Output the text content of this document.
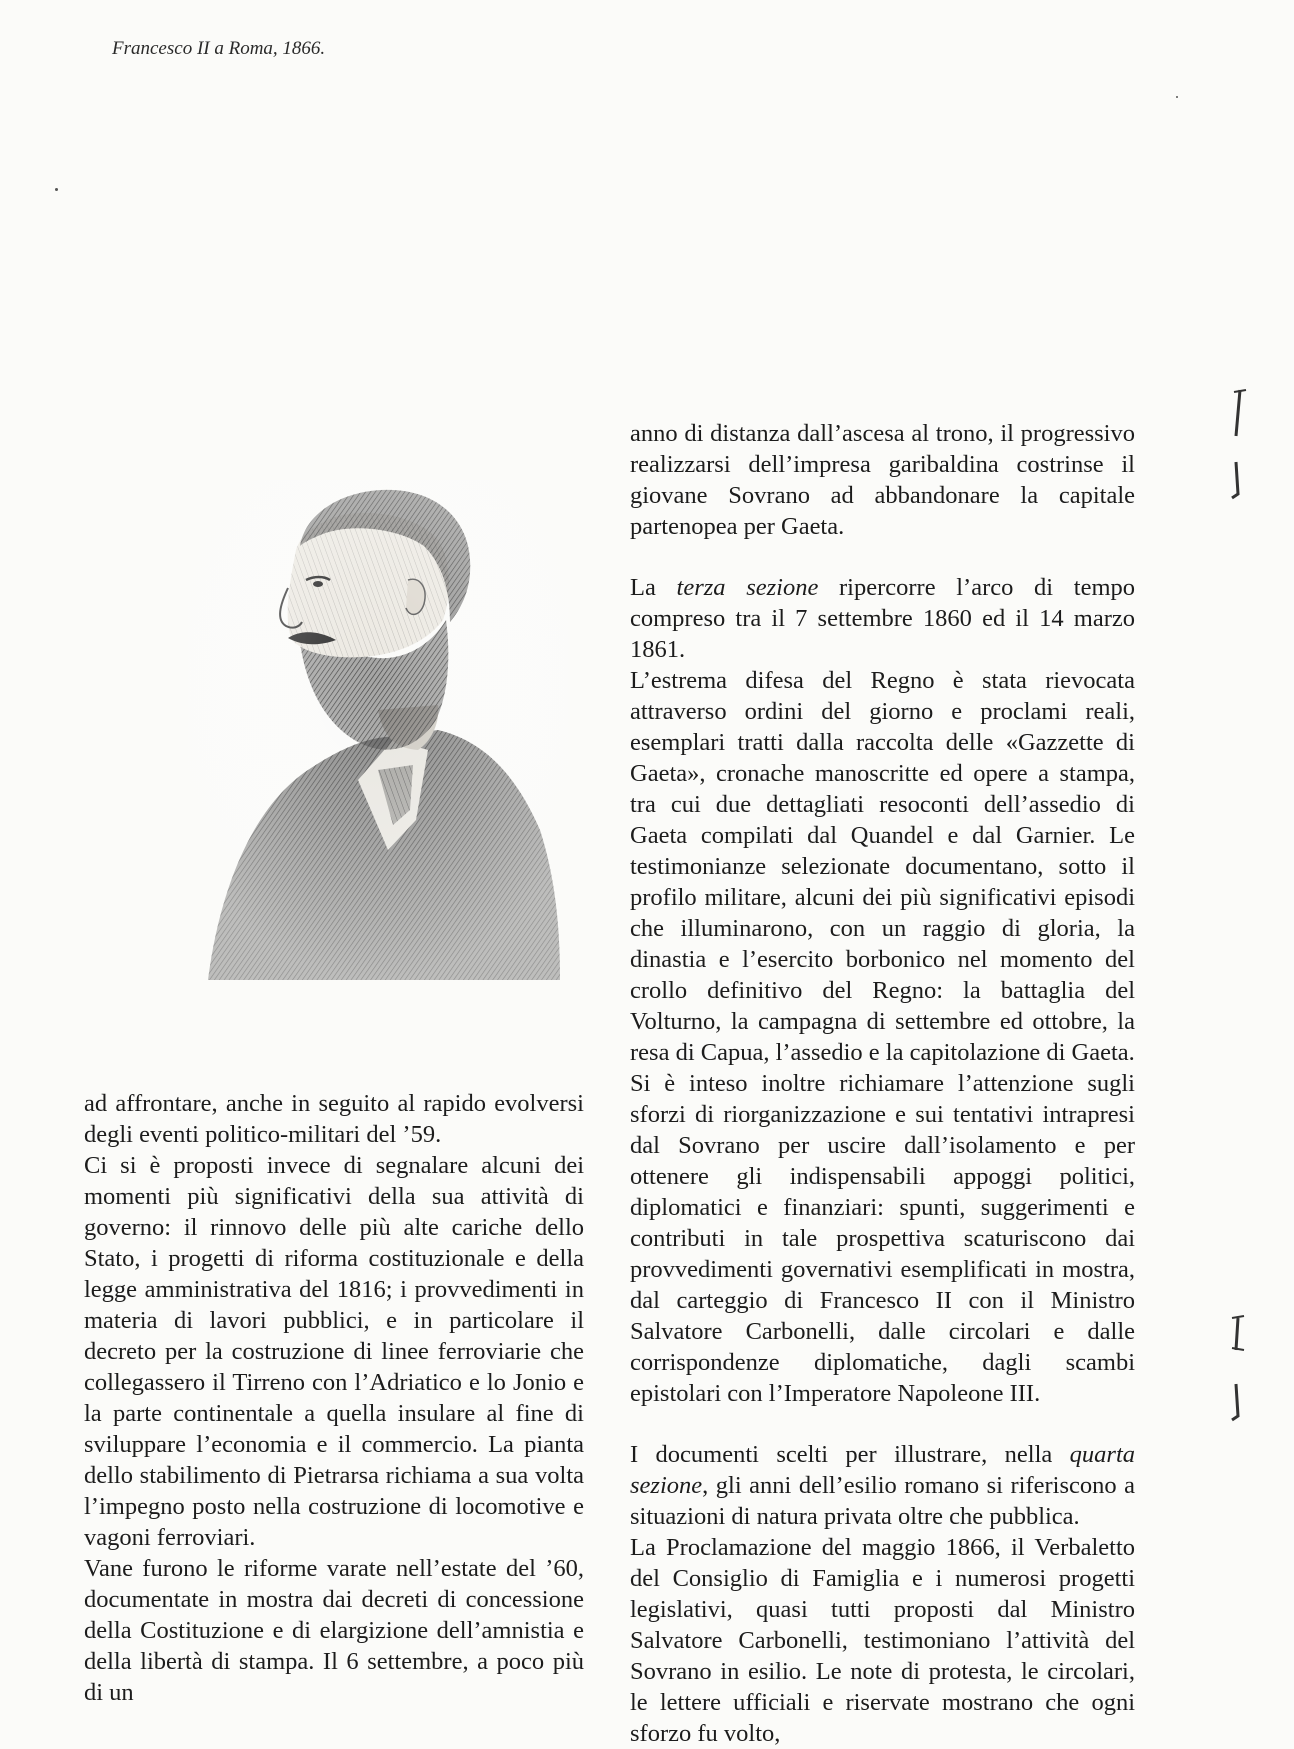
Francesco II a Roma, 1866.

ad affrontare, anche in seguito al rapido evolversi degli eventi politico-militari del ’59.

Ci si è proposti invece di segnalare alcuni dei momenti più significativi della sua attività di governo: il rinnovo delle più alte cariche dello Stato, i progetti di riforma costituzionale e della legge amministrativa del 1816; i provvedimenti in materia di lavori pubblici, e in particolare il decreto per la costruzione di linee ferroviarie che collegassero il Tirreno con l’Adriatico e lo Jonio e la parte continentale a quella insulare al fine di sviluppare l’economia e il commercio. La pianta dello stabilimento di Pietrarsa richiama a sua volta l’impegno posto nella costruzione di locomotive e vagoni ferroviari.

Vane furono le riforme varate nell’estate del ’60, documentate in mostra dai decreti di concessione della Costituzione e di elargizione dell’amnistia e della libertà di stampa. Il 6 settembre, a poco più di un

anno di distanza dall’ascesa al trono, il progressivo realizzarsi dell’impresa garibaldina costrinse il giovane Sovrano ad abbandonare la capitale partenopea per Gaeta.

La terza sezione ripercorre l’arco di tempo compreso tra il 7 settembre 1860 ed il 14 marzo 1861.

L’estrema difesa del Regno è stata rievocata attraverso ordini del giorno e proclami reali, esemplari tratti dalla raccolta delle «Gazzette di Gaeta», cronache manoscritte ed opere a stampa, tra cui due dettagliati resoconti dell’assedio di Gaeta compilati dal Quandel e dal Garnier. Le testimonianze selezionate documentano, sotto il profilo militare, alcuni dei più significativi episodi che illuminarono, con un raggio di gloria, la dinastia e l’esercito borbonico nel momento del crollo definitivo del Regno: la battaglia del Volturno, la campagna di settembre ed ottobre, la resa di Capua, l’assedio e la capitolazione di Gaeta.

Si è inteso inoltre richiamare l’attenzione sugli sforzi di riorganizzazione e sui tentativi intrapresi dal Sovrano per uscire dall’isolamento e per ottenere gli indispensabili appoggi politici, diplomatici e finanziari: spunti, suggerimenti e contributi in tale prospettiva scaturiscono dai provvedimenti governativi esemplificati in mostra, dal carteggio di Francesco II con il Ministro Salvatore Carbonelli, dalle circolari e dalle corrispondenze diplomatiche, dagli scambi epistolari con l’Imperatore Napoleone III.

I documenti scelti per illustrare, nella quarta sezione, gli anni dell’esilio romano si riferiscono a situazioni di natura privata oltre che pubblica.

La Proclamazione del maggio 1866, il Verbaletto del Consiglio di Famiglia e i numerosi progetti legislativi, quasi tutti proposti dal Ministro Salvatore Carbonelli, testimoniano l’attività del Sovrano in esilio. Le note di protesta, le circolari, le lettere ufficiali e riservate mostrano che ogni sforzo fu volto,
